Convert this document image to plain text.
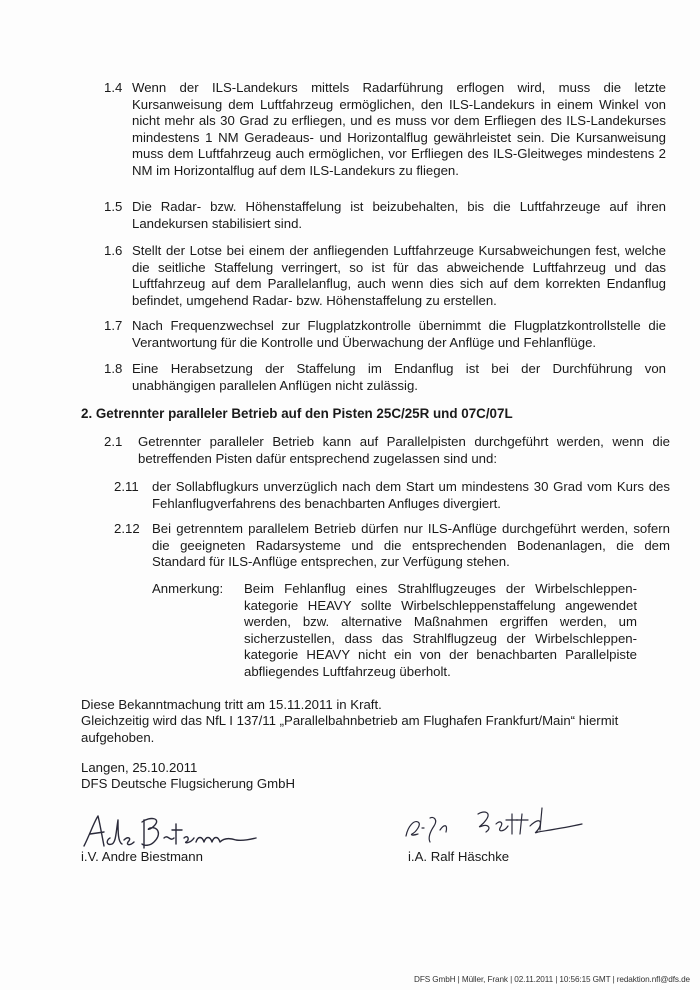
1.4 Wenn der ILS-Landekurs mittels Radarführung erflogen wird, muss die letzte Kursanweisung dem Luftfahrzeug ermöglichen, den ILS-Landekurs in einem Winkel von nicht mehr als 30 Grad zu erfliegen, und es muss vor dem Erfliegen des ILS-Landekurses mindestens 1 NM Geradeaus- und Horizontalflug gewährleistet sein. Die Kursanweisung muss dem Luftfahrzeug auch ermöglichen, vor Erfliegen des ILS-Gleitweges mindestens 2 NM im Horizontalflug auf dem ILS-Landekurs zu fliegen.
1.5 Die Radar- bzw. Höhenstaffelung ist beizubehalten, bis die Luftfahrzeuge auf ihren Landekursen stabilisiert sind.
1.6 Stellt der Lotse bei einem der anfliegenden Luftfahrzeuge Kursabweichungen fest, welche die seitliche Staffelung verringert, so ist für das abweichende Luftfahrzeug und das Luftfahrzeug auf dem Parallelanflug, auch wenn dies sich auf dem korrekten Endanflug befindet, umgehend Radar- bzw. Höhenstaffelung zu erstellen.
1.7 Nach Frequenzwechsel zur Flugplatzkontrolle übernimmt die Flugplatzkontrollstelle die Verantwortung für die Kontrolle und Überwachung der Anflüge und Fehlanflüge.
1.8 Eine Herabsetzung der Staffelung im Endanflug ist bei der Durchführung von unabhängigen parallelen Anflügen nicht zulässig.
2. Getrennter paralleler Betrieb auf den Pisten 25C/25R und 07C/07L
2.1	Getrennter paralleler Betrieb kann auf Parallelpisten durchgeführt werden, wenn die betreffenden Pisten dafür entsprechend zugelassen sind und:
2.11	der Sollabflugkurs unverzüglich nach dem Start um mindestens 30 Grad vom Kurs des Fehlanflugverfahrens des benachbarten Anfluges divergiert.
2.12 Bei getrenntem parallelem Betrieb dürfen nur ILS-Anflüge durchgeführt werden, sofern die geeigneten Radarsysteme und die entsprechenden Bodenanlagen, die dem Standard für ILS-Anflüge entsprechen, zur Verfügung stehen.
Anmerkung: Beim Fehlanflug eines Strahlflugzeuges der Wirbelschleppen-kategorie HEAVY sollte Wirbelschleppenstaffelung angewendet werden, bzw. alternative Maßnahmen ergriffen werden, um sicherzustellen, dass das Strahlflugzeug der Wirbelschleppen-kategorie HEAVY nicht ein von der benachbarten Parallelpiste abfliegendes Luftfahrzeug überholt.
Diese Bekanntmachung tritt am 15.11.2011 in Kraft.
Gleichzeitig wird das NfL I 137/11 „Parallelbahnbetrieb am Flughafen Frankfurt/Main“ hiermit aufgehoben.
Langen, 25.10.2011
DFS Deutsche Flugsicherung GmbH
i.V. Andre Biestmann	i.A. Ralf Häschke
DFS GmbH | Müller, Frank | 02.11.2011 | 10:56:15 GMT | redaktion.nfl@dfs.de
